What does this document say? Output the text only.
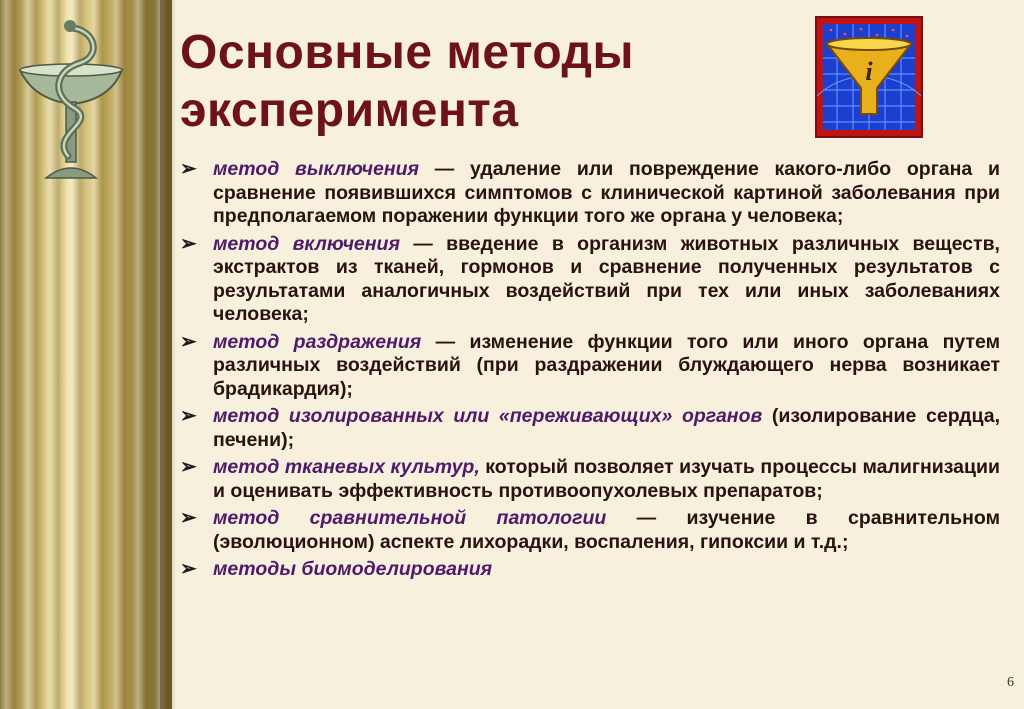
Основные методы
эксперимента
i
➢ метод выключения — удаление или повреждение какого-либо органа и сравнение появившихся симптомов с клинической картиной заболевания при предполагаемом поражении функции того же органа у человека;
➢ метод включения — введение в организм животных различных веществ, экстрактов из тканей, гормонов и сравнение полученных результатов с результатами аналогичных воздействий при тех или иных заболеваниях человека;
➢ метод раздражения — изменение функции того или иного органа путем различных воздействий (при раздражении блуждающего нерва возникает брадикардия);
➢ метод изолированных или «переживающих» органов (изолирование сердца, печени);
➢ метод тканевых культур, который позволяет изучать процессы малигнизации и оценивать эффективность противоопухолевых препаратов;
➢ метод сравнительной патологии — изучение в сравнительном (эволюционном) аспекте лихорадки, воспаления, гипоксии и т.д.;
➢ методы биомоделирования
6
